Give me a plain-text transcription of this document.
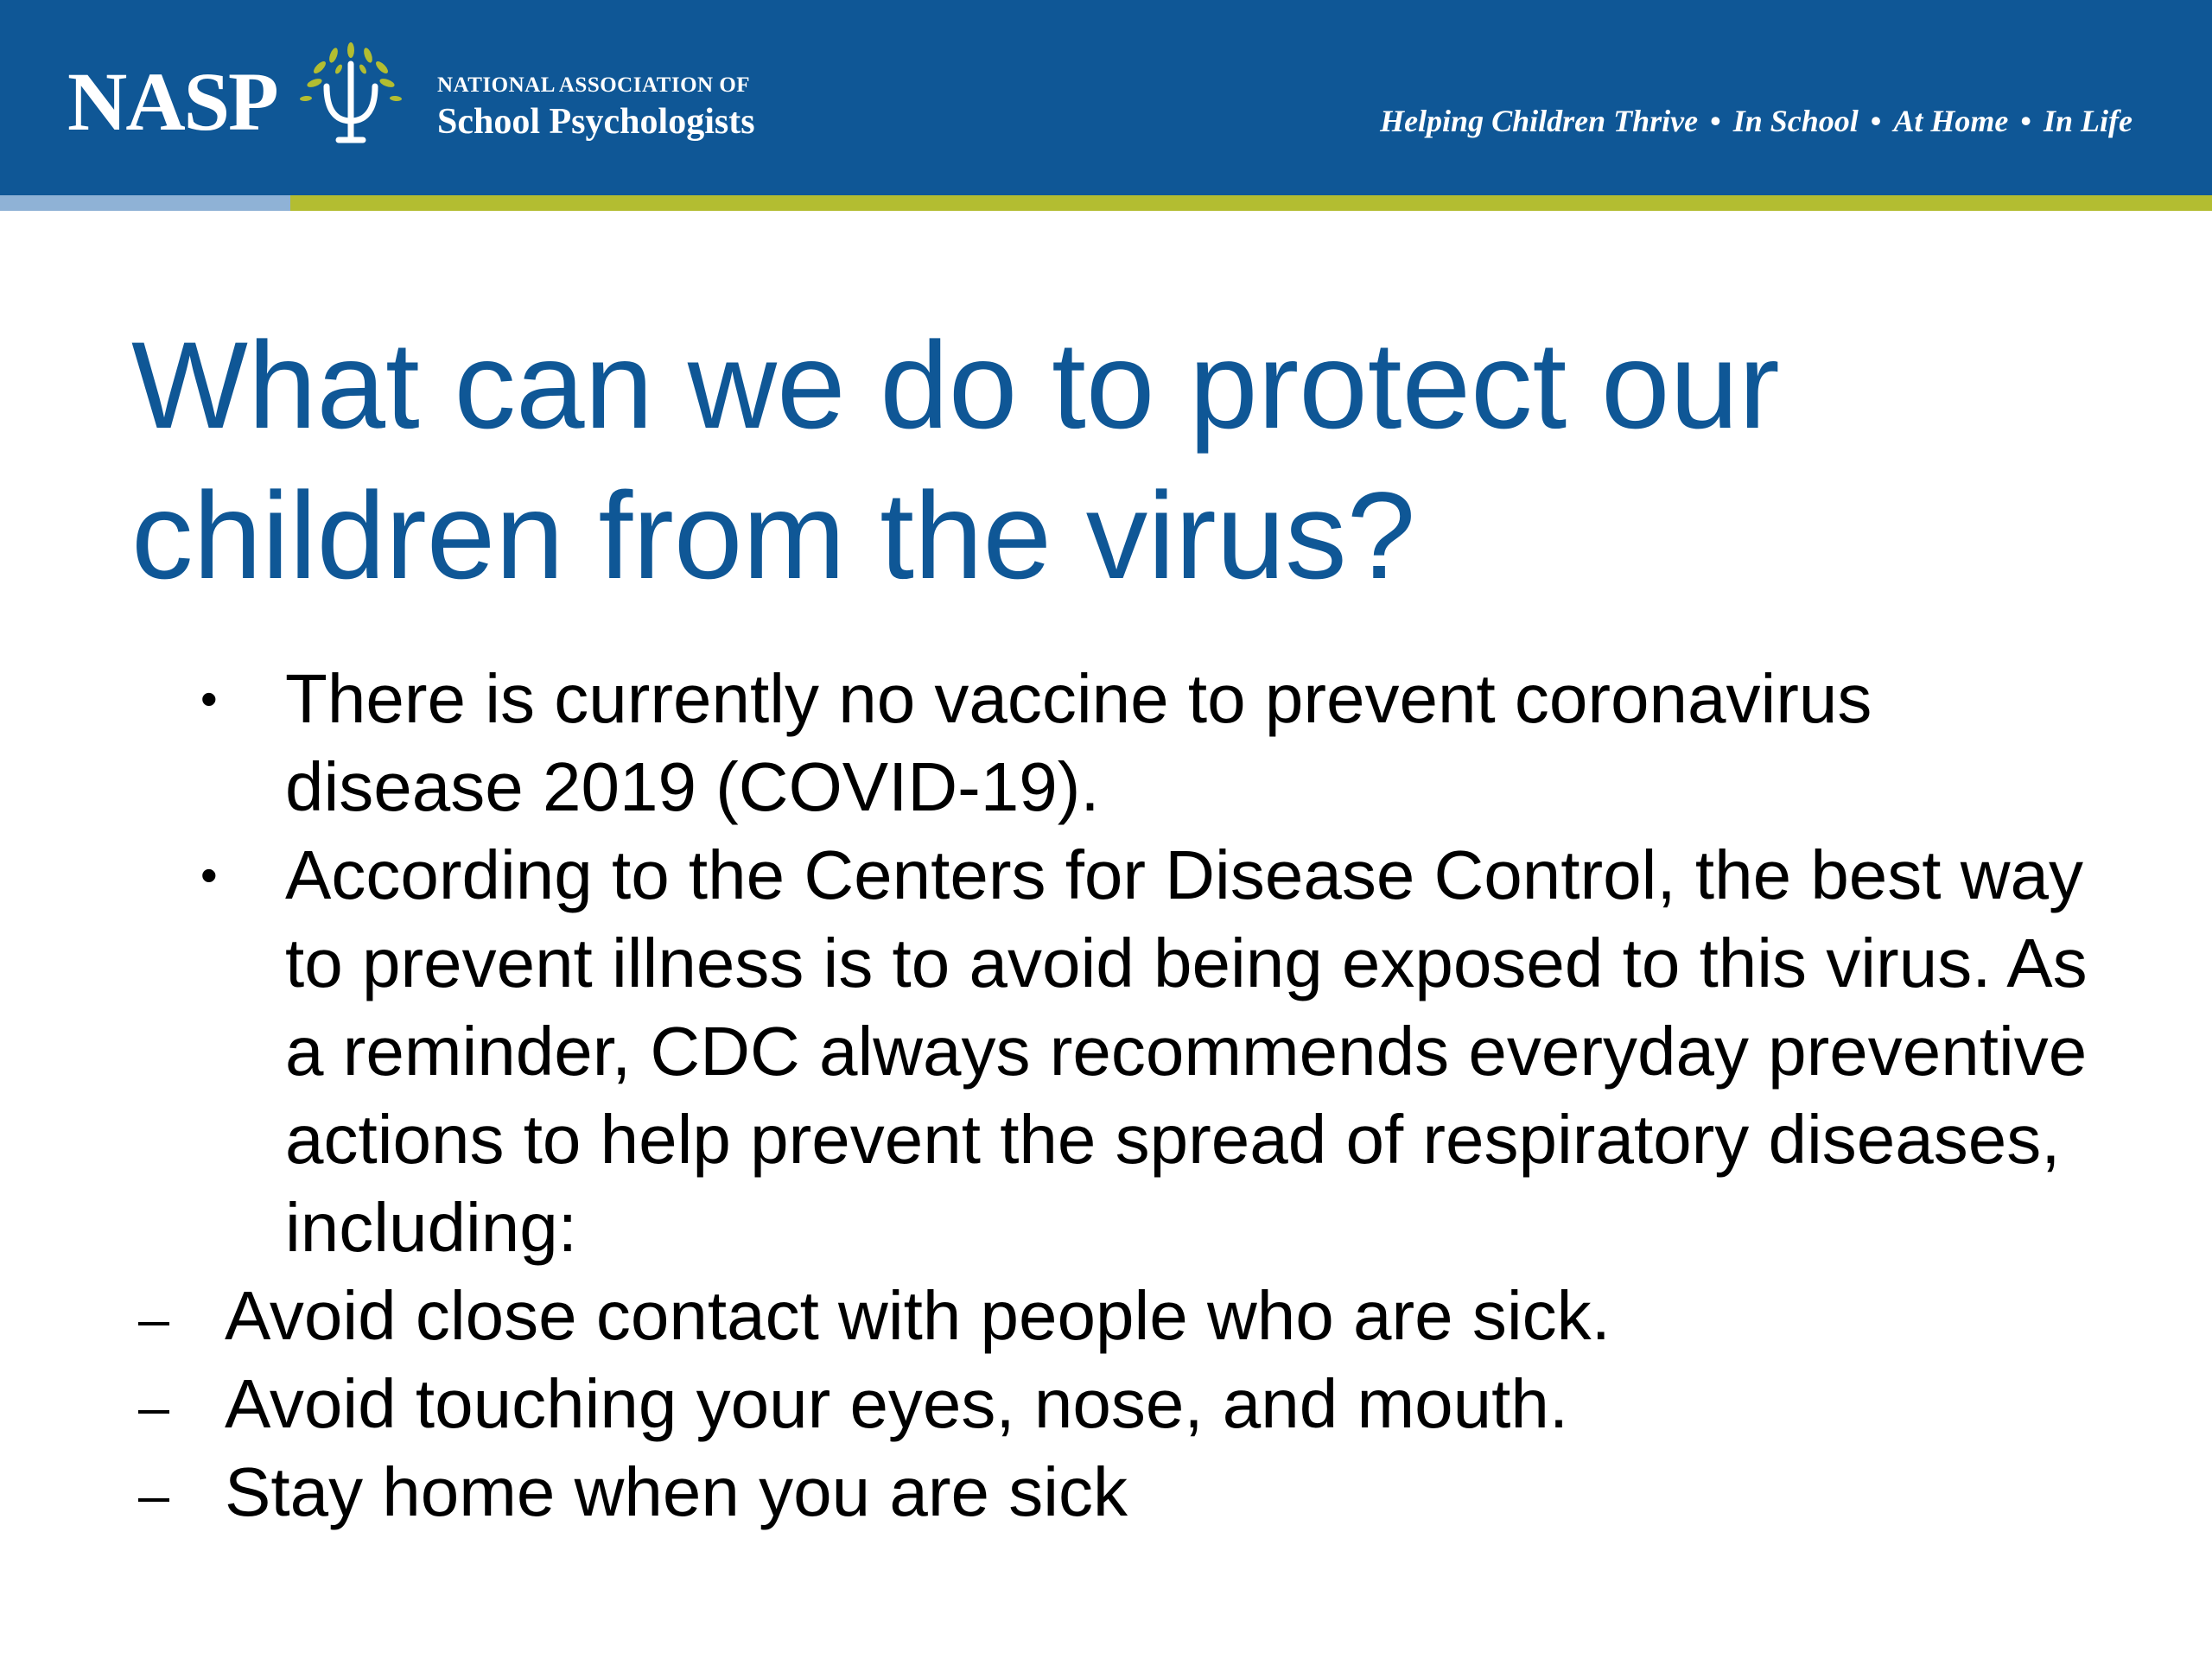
NASP	NATIONAL ASSOCIATION OF
School Psychologists	Helping Children Thrive • In School • At Home • In Life
What can we do to protect our
children from the virus?
• There is currently no vaccine to prevent coronavirus disease 2019 (COVID-19).
• According to the Centers for Disease Control, the best way to prevent illness is to avoid being exposed to this virus. As a reminder, CDC always recommends everyday preventive actions to help prevent the spread of respiratory diseases, including:
Avoid close contact with people who are sick.
Avoid touching your eyes, nose, and mouth.
Stay home when you are sick
